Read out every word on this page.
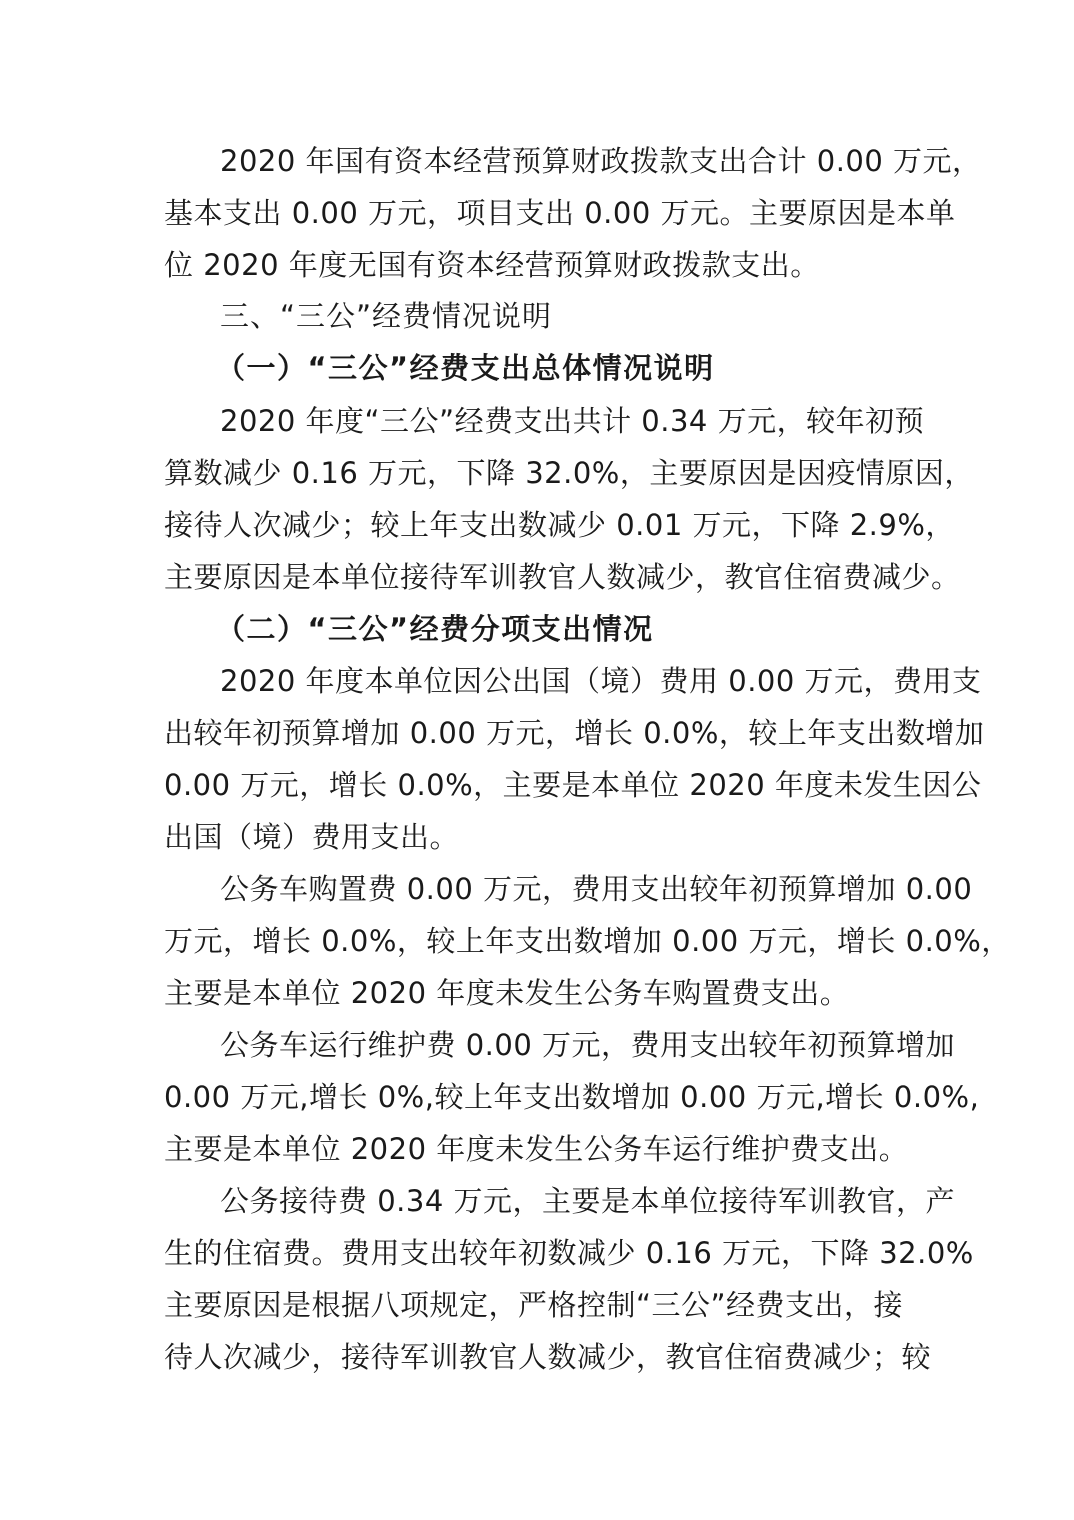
2020 年国有资本经营预算财政拨款支出合计 0.00 万元，
基本支出 0.00 万元，项目支出 0.00 万元。主要原因是本单
位 2020 年度无国有资本经营预算财政拨款支出。
三、“三公”经费情况说明
（一）“三公”经费支出总体情况说明
2020 年度“三公”经费支出共计 0.34 万元，较年初预
算数减少 0.16 万元，下降 32.0%，主要原因是因疫情原因，
接待人次减少；较上年支出数减少 0.01 万元，下降 2.9%，
主要原因是本单位接待军训教官人数减少，教官住宿费减少。
（二）“三公”经费分项支出情况
2020 年度本单位因公出国（境）费用 0.00 万元，费用支
出较年初预算增加 0.00 万元，增长 0.0%，较上年支出数增加
0.00 万元，增长 0.0%，主要是本单位 2020 年度未发生因公
出国（境）费用支出。
公务车购置费 0.00 万元，费用支出较年初预算增加 0.00
万元，增长 0.0%，较上年支出数增加 0.00 万元，增长 0.0%，
主要是本单位 2020 年度未发生公务车购置费支出。
公务车运行维护费 0.00 万元，费用支出较年初预算增加
0.00 万元,增长 0%,较上年支出数增加 0.00 万元,增长 0.0%,
主要是本单位 2020 年度未发生公务车运行维护费支出。
公务接待费 0.34 万元，主要是本单位接待军训教官，产
生的住宿费。费用支出较年初数减少 0.16 万元，下降 32.0%
主要原因是根据八项规定，严格控制“三公”经费支出，接
待人次减少，接待军训教官人数减少，教官住宿费减少；较
